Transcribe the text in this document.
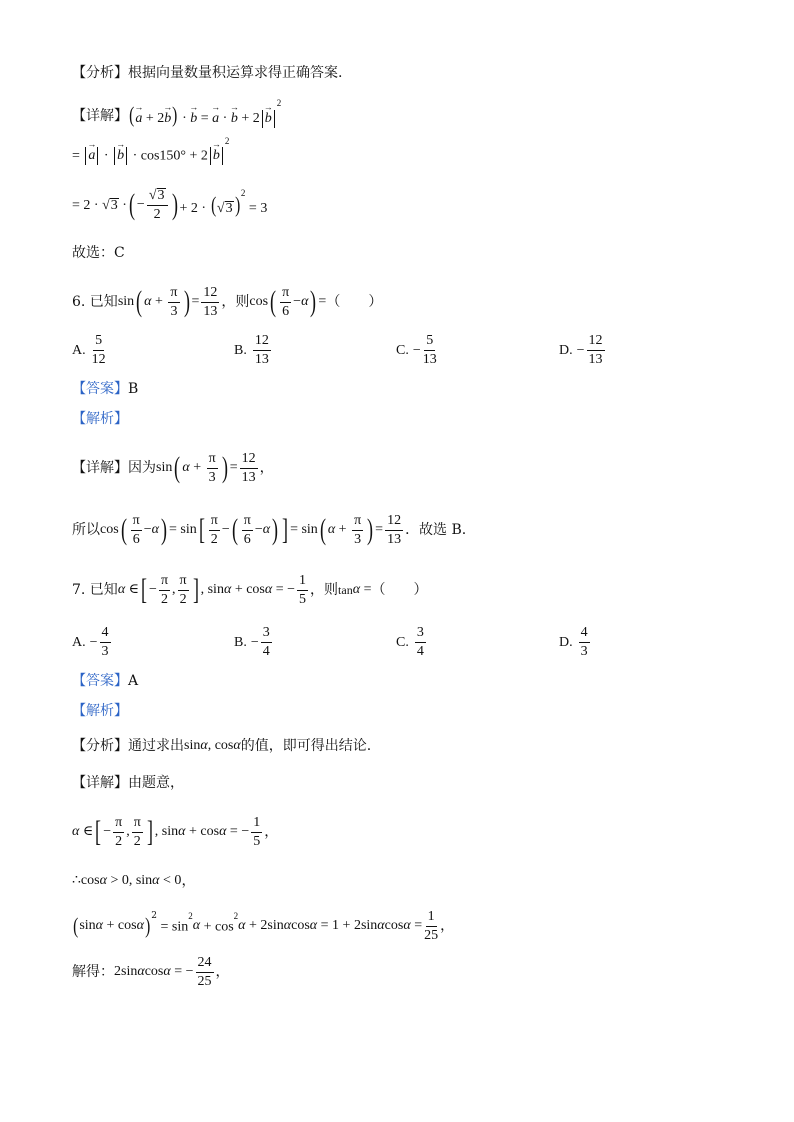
【分析】 根据向量数量积运算求得正确答案.
【详解】 (→ a + 2→ b) · → b = → a · → $b + 2 \to b^2$
= → a · → $b \cdot \cos 150^\circ + 2 \to b^2$
= 2 · √ 3 · ( − $\frac{√ 3}{2}$ ) + 2 · (√ 3 )$^2$ = 3
故选：C
6. 已知 sin ( $\alpha + \frac{\pi}{3}$ ) = $\frac{12}{13}$ ，则 cos ( $\frac{\pi}{6} - \alpha$ ) = （　　）
A. $\frac{5}{12}$	B. $\frac{12}{13}$	C. − $\frac{5}{13}$	D. − $\frac{12}{13}$
【答案】 B
【解析】
【详解】 因为 sin ( $\alpha + \frac{\pi}{3}$ ) = $\frac{12}{13}$ ，
所以 cos ( $\frac{\pi}{6} - \alpha$ ) = sin [ $\frac{\pi}{2}$ − ( $\frac{\pi}{6} - \alpha$ ) ] = sin ( $\alpha + \frac{\pi}{3}$ ) = $\frac{12}{13}$ ．故选 B.
7. 已知 α ∈ [ − $\frac{\pi}{2}$ , $\frac{\pi}{2}$ ] , sin α + cos α = − $\frac{1}{5}$ ，则 tan α = （　　）
A. − $\frac{4}{3}$	B. − $\frac{3}{4}$	C. $\frac{3}{4}$	D. $\frac{4}{3}$
【答案】 A
【解析】
【分析】 通过求出 sin α , cos α 的值，即可得出结论.
【详解】 由题意，
α ∈ [ − $\frac{\pi}{2}$ , $\frac{\pi}{2}$ ] , sin α + cos α = − $\frac{1}{5}$ ，
∴cos α > 0, sin α < 0 ，
( sin α + cos α )$^2$
= $\sin^2$
$\alpha + \cos^2$
α + 2sin α cos α = 1 + 2sin α $\cos \alpha = \frac{1}{25}$ ，
解得： 2sin α cos α = − $\frac{24}{25}$ ，
